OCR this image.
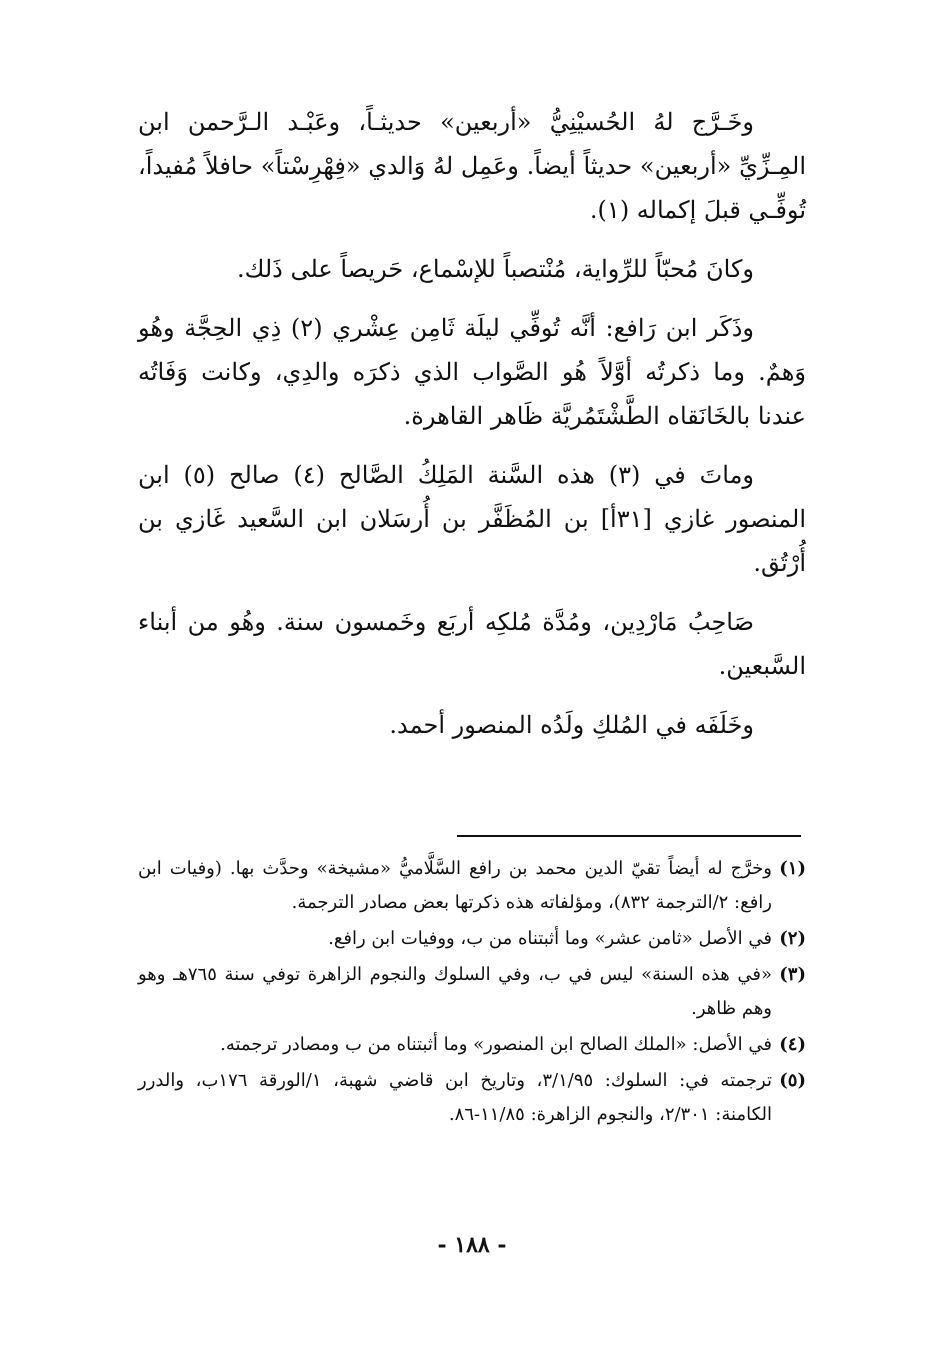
وخَـرَّج لهُ الحُسيْنِيُّ «أربعين» حديثـاً، وعَبْـد الـرَّحمن ابن المِـزِّيِّ «أربعين» حديثاً أيضاً. وعَمِل لهُ وَالدي «فِهْرِسْتاً» حافلاً مُفيداً، تُوفِّـي قبلَ إكماله (١).

وكانَ مُحبّاً للرِّواية، مُنْتصباً للإسْماع، حَريصاً على ذَلك.

وذَكَر ابن رَافع: أنَّه تُوفِّي ليلَة ثَامِن عِشْري (٢) ذِي الحِجَّة وهُو وَهمٌ. وما ذكرتُه أوَّلاً هُو الصَّواب الذي ذكرَه والدِي، وكانت وَفَاتُه عندنا بالخَانَقاه الطَّشْتَمُريَّة ظَاهر القاهرة.

وماتَ في (٣) هذه السَّنة المَلِكُ الصَّالح (٤) صالح (٥) ابن المنصور غازي [٣١أ] بن المُظَفَّر بن أُرسَلان ابن السَّعيد غَازي بن أُرْتُق.

صَاحِبُ مَارْدِين، ومُدَّة مُلكِه أربَع وخَمسون سنة. وهُو من أبناء السَّبعين.

وخَلَفَه في المُلكِ ولَدُه المنصور أحمد.

(١)وخرَّج له أيضاً تقيّ الدين محمد بن رافع السَّلَّاميُّ «مشيخة» وحدَّث بها. (وفيات ابن رافع: ٢/الترجمة ٨٣٢)، ومؤلفاته هذه ذكرتها بعض مصادر الترجمة.

(٢)في الأصل «ثامن عشر» وما أثبتناه من ب، ووفيات ابن رافع.

(٣)«في هذه السنة» ليس في ب، وفي السلوك والنجوم الزاهرة توفي سنة ٧٦٥هـ وهو وهم ظاهر.

(٤)في الأصل: «الملك الصالح ابن المنصور» وما أثبتناه من ب ومصادر ترجمته.

(٥)ترجمته في: السلوك: ٣/١/٩٥، وتاريخ ابن قاضي شهبة، ١/الورقة ١٧٦ب، والدرر الكامنة: ٢/٣٠١، والنجوم الزاهرة: ١١/٨٥-٨٦.

- ١٨٨ -
